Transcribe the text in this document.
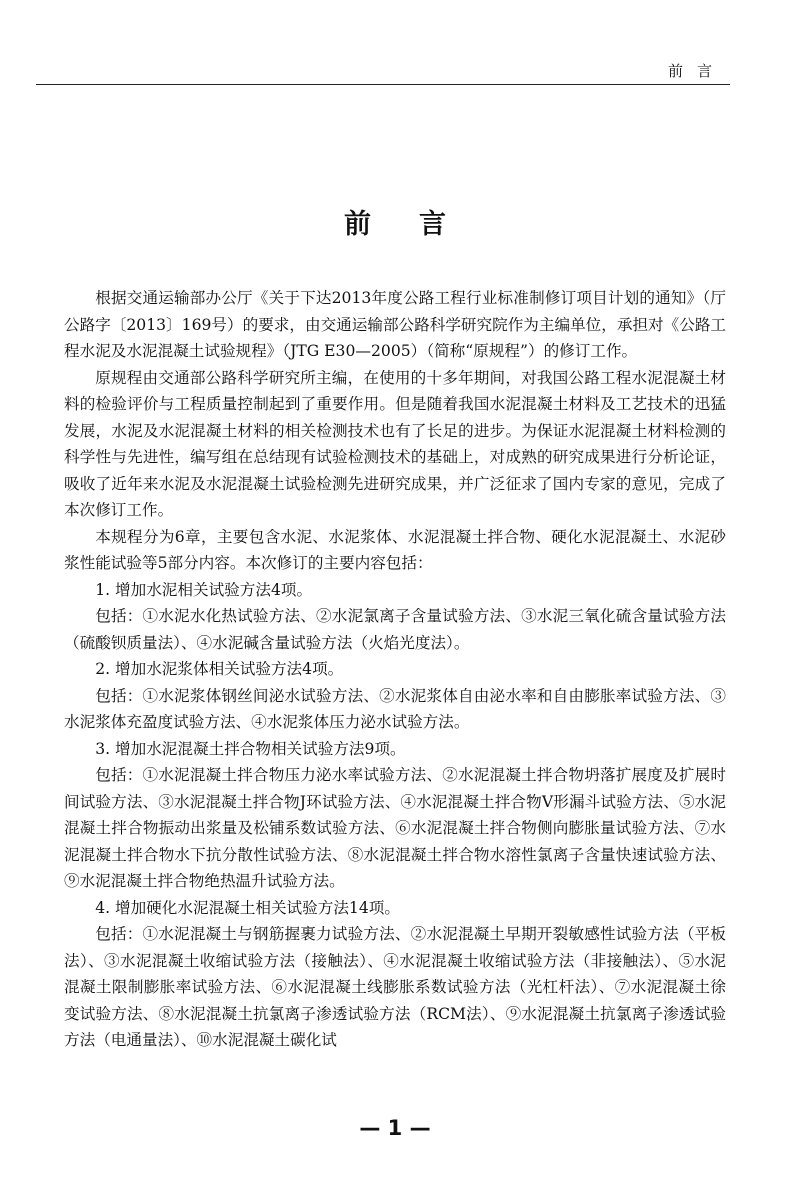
前言
前言

根据交通运输部办公厅《关于下达2013年度公路工程行业标准制修订项目计划的通知》（厅公路字〔2013〕169号）的要求，由交通运输部公路科学研究院作为主编单位，承担对《公路工程水泥及水泥混凝土试验规程》（JTG E30—2005）（简称“原规程”）的修订工作。

原规程由交通部公路科学研究所主编，在使用的十多年期间，对我国公路工程水泥混凝土材料的检验评价与工程质量控制起到了重要作用。但是随着我国水泥混凝土材料及工艺技术的迅猛发展，水泥及水泥混凝土材料的相关检测技术也有了长足的进步。为保证水泥混凝土材料检测的科学性与先进性，编写组在总结现有试验检测技术的基础上，对成熟的研究成果进行分析论证，吸收了近年来水泥及水泥混凝土试验检测先进研究成果，并广泛征求了国内专家的意见，完成了本次修订工作。

本规程分为6章，主要包含水泥、水泥浆体、水泥混凝土拌合物、硬化水泥混凝土、水泥砂浆性能试验等5部分内容。本次修订的主要内容包括：

1. 增加水泥相关试验方法4项。

包括：①水泥水化热试验方法、②水泥氯离子含量试验方法、③水泥三氧化硫含量试验方法（硫酸钡质量法）、④水泥碱含量试验方法（火焰光度法）。

2. 增加水泥浆体相关试验方法4项。

包括：①水泥浆体钢丝间泌水试验方法、②水泥浆体自由泌水率和自由膨胀率试验方法、③水泥浆体充盈度试验方法、④水泥浆体压力泌水试验方法。

3. 增加水泥混凝土拌合物相关试验方法9项。

包括：①水泥混凝土拌合物压力泌水率试验方法、②水泥混凝土拌合物坍落扩展度及扩展时间试验方法、③水泥混凝土拌合物J环试验方法、④水泥混凝土拌合物V形漏斗试验方法、⑤水泥混凝土拌合物振动出浆量及松铺系数试验方法、⑥水泥混凝土拌合物侧向膨胀量试验方法、⑦水泥混凝土拌合物水下抗分散性试验方法、⑧水泥混凝土拌合物水溶性氯离子含量快速试验方法、⑨水泥混凝土拌合物绝热温升试验方法。

4. 增加硬化水泥混凝土相关试验方法14项。

包括：①水泥混凝土与钢筋握裹力试验方法、②水泥混凝土早期开裂敏感性试验方法（平板法）、③水泥混凝土收缩试验方法（接触法）、④水泥混凝土收缩试验方法（非接触法）、⑤水泥混凝土限制膨胀率试验方法、⑥水泥混凝土线膨胀系数试验方法（光杠杆法）、⑦水泥混凝土徐变试验方法、⑧水泥混凝土抗氯离子渗透试验方法（RCM法）、⑨水泥混凝土抗氯离子渗透试验方法（电通量法）、⑩水泥混凝土碳化试

— 1 —
